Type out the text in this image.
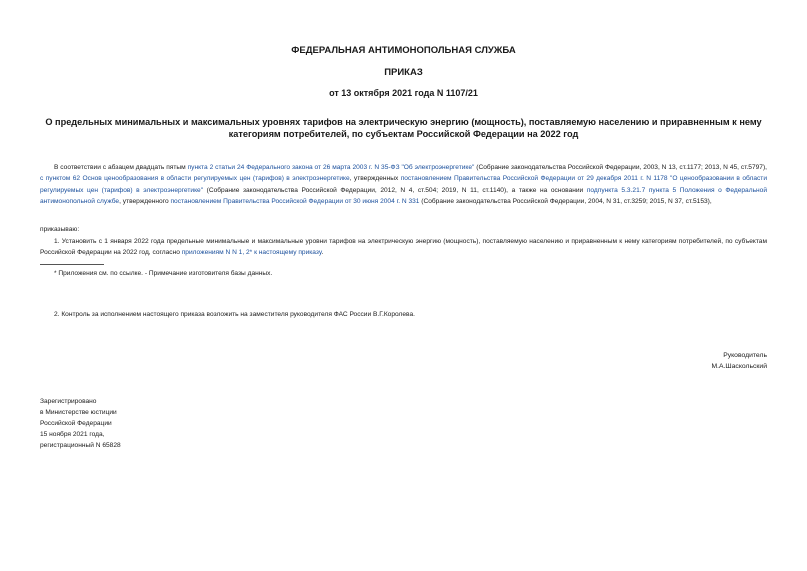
ФЕДЕРАЛЬНАЯ АНТИМОНОПОЛЬНАЯ СЛУЖБА
ПРИКАЗ
от 13 октября 2021 года N 1107/21
О предельных минимальных и максимальных уровнях тарифов на электрическую энергию (мощность), поставляемую населению и приравненным к нему категориям потребителей, по субъектам Российской Федерации на 2022 год
В соответствии с абзацем двадцать пятым пункта 2 статьи 24 Федерального закона от 26 марта 2003 г. N 35-ФЗ "Об электроэнергетике" (Собрание законодательства Российской Федерации, 2003, N 13, ст.1177; 2013, N 45, ст.5797), с пунктом 62 Основ ценообразования в области регулируемых цен (тарифов) в электроэнергетике, утвержденных постановлением Правительства Российской Федерации от 29 декабря 2011 г. N 1178 "О ценообразовании в области регулируемых цен (тарифов) в электроэнергетике" (Собрание законодательства Российской Федерации, 2012, N 4, ст.504; 2019, N 11, ст.1140), а также на основании подпункта 5.3.21.7 пункта 5 Положения о Федеральной антимонопольной службе, утвержденного постановлением Правительства Российской Федерации от 30 июня 2004 г. N 331 (Собрание законодательства Российской Федерации, 2004, N 31, ст.3259; 2015, N 37, ст.5153),
приказываю:
1. Установить с 1 января 2022 года предельные минимальные и максимальные уровни тарифов на электрическую энергию (мощность), поставляемую населению и приравненным к нему категориям потребителей, по субъектам Российской Федерации на 2022 год, согласно приложениям N N 1, 2* к настоящему приказу.
* Приложения см. по ссылке. - Примечание изготовителя базы данных.
2. Контроль за исполнением настоящего приказа возложить на заместителя руководителя ФАС России В.Г.Королева.
Руководитель
М.А.Шаскольский
Зарегистрировано
в Министерстве юстиции
Российской Федерации
15 ноября 2021 года,
регистрационный N 65828
